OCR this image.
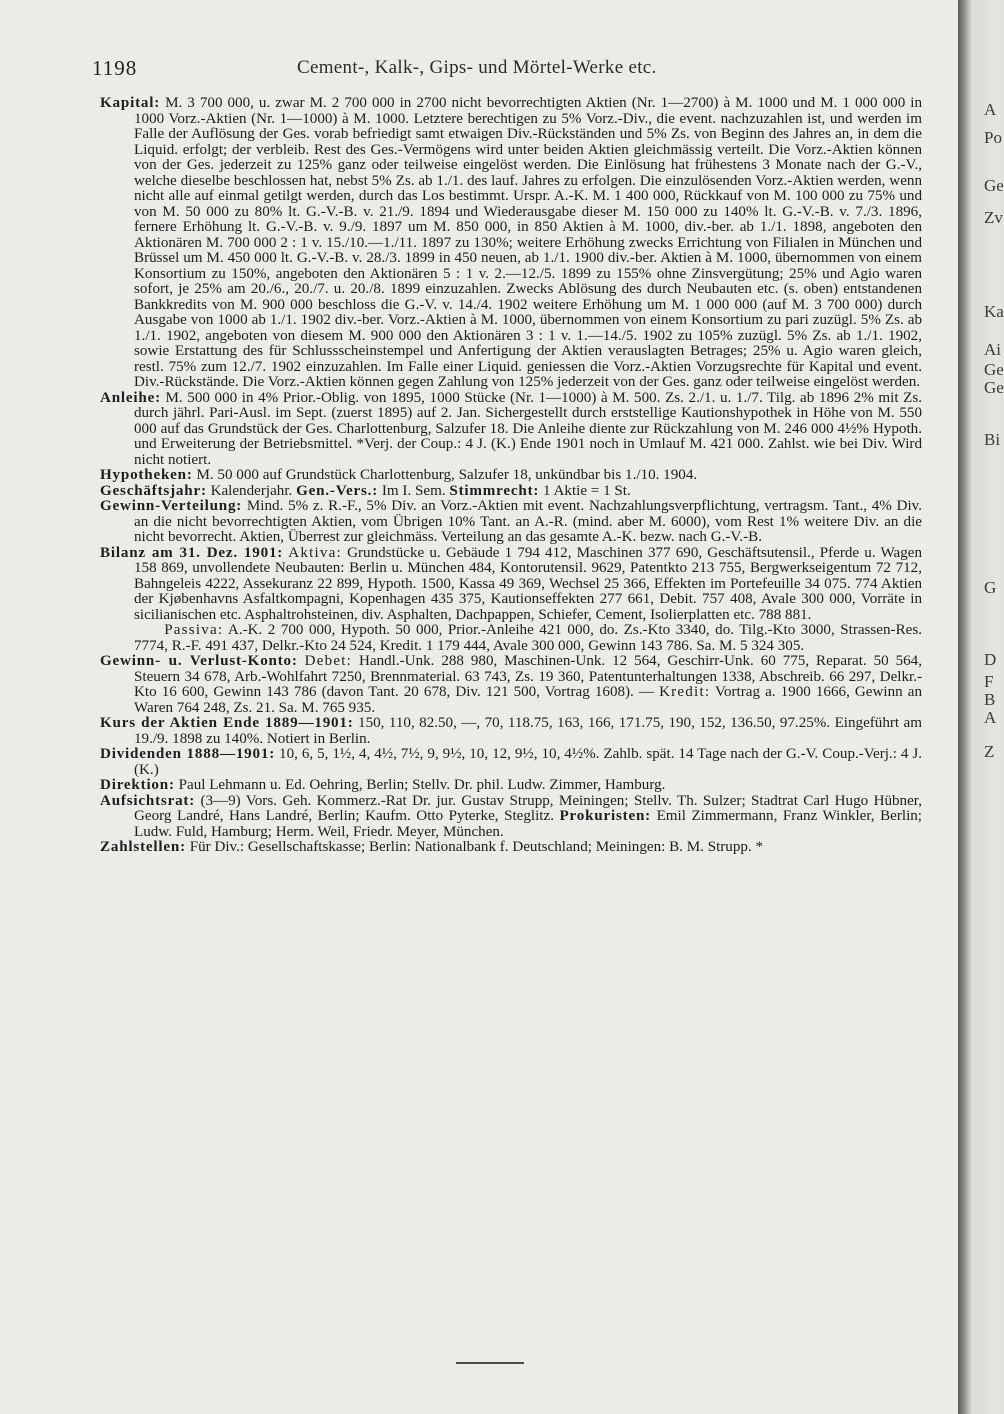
1198	Cement-, Kalk-, Gips- und Mörtel-Werke etc.

Kapital: M. 3 700 000, u. zwar M. 2 700 000 in 2700 nicht bevorrechtigten Aktien (Nr. 1—2700) à M. 1000 und M. 1 000 000 in 1000 Vorz.-Aktien (Nr. 1—1000) à M. 1000. Letztere berechtigen zu 5% Vorz.-Div., die event. nachzuzahlen ist, und werden im Falle der Auflösung der Ges. vorab befriedigt samt etwaigen Div.-Rückständen und 5% Zs. von Beginn des Jahres an, in dem die Liquid. erfolgt; der verbleib. Rest des Ges.-Vermögens wird unter beiden Aktien gleichmässig verteilt. Die Vorz.-Aktien können von der Ges. jederzeit zu 125% ganz oder teilweise eingelöst werden. Die Einlösung hat frühestens 3 Monate nach der G.-V., welche dieselbe beschlossen hat, nebst 5% Zs. ab 1./1. des lauf. Jahres zu erfolgen. Die einzulösenden Vorz.-Aktien werden, wenn nicht alle auf einmal getilgt werden, durch das Los bestimmt. Urspr. A.-K. M. 1 400 000, Rückkauf von M. 100 000 zu 75% und von M. 50 000 zu 80% lt. G.-V.-B. v. 21./9. 1894 und Wiederausgabe dieser M. 150 000 zu 140% lt. G.-V.-B. v. 7./3. 1896, fernere Erhöhung lt. G.-V.-B. v. 9./9. 1897 um M. 850 000, in 850 Aktien à M. 1000, div.-ber. ab 1./1. 1898, angeboten den Aktionären M. 700 000 2 : 1 v. 15./10.—1./11. 1897 zu 130%; weitere Erhöhung zwecks Errichtung von Filialen in München und Brüssel um M. 450 000 lt. G.-V.-B. v. 28./3. 1899 in 450 neuen, ab 1./1. 1900 div.-ber. Aktien à M. 1000, übernommen von einem Konsortium zu 150%, angeboten den Aktionären 5 : 1 v. 2.—12./5. 1899 zu 155% ohne Zinsvergütung; 25% und Agio waren sofort, je 25% am 20./6., 20./7. u. 20./8. 1899 einzuzahlen. Zwecks Ablösung des durch Neubauten etc. (s. oben) entstandenen Bankkredits von M. 900 000 beschloss die G.-V. v. 14./4. 1902 weitere Erhöhung um M. 1 000 000 (auf M. 3 700 000) durch Ausgabe von 1000 ab 1./1. 1902 div.-ber. Vorz.-Aktien à M. 1000, übernommen von einem Konsortium zu pari zuzügl. 5% Zs. ab 1./1. 1902, angeboten von diesem M. 900 000 den Aktionären 3 : 1 v. 1.—14./5. 1902 zu 105% zuzügl. 5% Zs. ab 1./1. 1902, sowie Erstattung des für Schlussscheinstempel und Anfertigung der Aktien verauslagten Betrages; 25% u. Agio waren gleich, restl. 75% zum 12./7. 1902 einzuzahlen. Im Falle einer Liquid. geniessen die Vorz.-Aktien Vorzugsrechte für Kapital und event. Div.-Rückstände. Die Vorz.-Aktien können gegen Zahlung von 125% jederzeit von der Ges. ganz oder teilweise eingelöst werden.

Anleihe: M. 500 000 in 4% Prior.-Oblig. von 1895, 1000 Stücke (Nr. 1—1000) à M. 500. Zs. 2./1. u. 1./7. Tilg. ab 1896 2% mit Zs. durch jährl. Pari-Ausl. im Sept. (zuerst 1895) auf 2. Jan. Sichergestellt durch erststellige Kautionshypothek in Höhe von M. 550 000 auf das Grundstück der Ges. Charlottenburg, Salzufer 18. Die Anleihe diente zur Rückzahlung von M. 246 000 4½% Hypoth. und Erweiterung der Betriebsmittel. *Verj. der Coup.: 4 J. (K.) Ende 1901 noch in Umlauf M. 421 000. Zahlst. wie bei Div. Wird nicht notiert.

Hypotheken: M. 50 000 auf Grundstück Charlottenburg, Salzufer 18, unkündbar bis 1./10. 1904.

Geschäftsjahr: Kalenderjahr. Gen.-Vers.: Im I. Sem. Stimmrecht: 1 Aktie = 1 St.

Gewinn-Verteilung: Mind. 5% z. R.-F., 5% Div. an Vorz.-Aktien mit event. Nachzahlungsverpflichtung, vertragsm. Tant., 4% Div. an die nicht bevorrechtigten Aktien, vom Übrigen 10% Tant. an A.-R. (mind. aber M. 6000), vom Rest 1% weitere Div. an die nicht bevorrecht. Aktien, Überrest zur gleichmäss. Verteilung an das gesamte A.-K. bezw. nach G.-V.-B.

Bilanz am 31. Dez. 1901: Aktiva: Grundstücke u. Gebäude 1 794 412, Maschinen 377 690, Geschäftsutensil., Pferde u. Wagen 158 869, unvollendete Neubauten: Berlin u. München 484, Kontorutensil. 9629, Patentkto 213 755, Bergwerkseigentum 72 712, Bahngeleis 4222, Assekuranz 22 899, Hypoth. 1500, Kassa 49 369, Wechsel 25 366, Effekten im Portefeuille 34 075. 774 Aktien der Kjøbenhavns Asfaltkompagni, Kopenhagen 435 375, Kautionseffekten 277 661, Debit. 757 408, Avale 300 000, Vorräte in sicilianischen etc. Asphaltrohsteinen, div. Asphalten, Dachpappen, Schiefer, Cement, Isolierplatten etc. 788 881.

  Passiva: A.-K. 2 700 000, Hypoth. 50 000, Prior.-Anleihe 421 000, do. Zs.-Kto 3340, do. Tilg.-Kto 3000, Strassen-Res. 7774, R.-F. 491 437, Delkr.-Kto 24 524, Kredit. 1 179 444, Avale 300 000, Gewinn 143 786. Sa. M. 5 324 305.

Gewinn- u. Verlust-Konto: Debet: Handl.-Unk. 288 980, Maschinen-Unk. 12 564, Geschirr-Unk. 60 775, Reparat. 50 564, Steuern 34 678, Arb.-Wohlfahrt 7250, Brennmaterial. 63 743, Zs. 19 360, Patentunterhaltungen 1338, Abschreib. 66 297, Delkr.-Kto 16 600, Gewinn 143 786 (davon Tant. 20 678, Div. 121 500, Vortrag 1608). — Kredit: Vortrag a. 1900 1666, Gewinn an Waren 764 248, Zs. 21. Sa. M. 765 935.

Kurs der Aktien Ende 1889—1901: 150, 110, 82.50, —, 70, 118.75, 163, 166, 171.75, 190, 152, 136.50, 97.25%. Eingeführt am 19./9. 1898 zu 140%. Notiert in Berlin.

Dividenden 1888—1901: 10, 6, 5, 1½, 4, 4½, 7½, 9, 9½, 10, 12, 9½, 10, 4½%. Zahlb. spät. 14 Tage nach der G.-V. Coup.-Verj.: 4 J. (K.)

Direktion: Paul Lehmann u. Ed. Oehring, Berlin; Stellv. Dr. phil. Ludw. Zimmer, Hamburg.

Aufsichtsrat: (3—9) Vors. Geh. Kommerz.-Rat Dr. jur. Gustav Strupp, Meiningen; Stellv. Th. Sulzer; Stadtrat Carl Hugo Hübner, Georg Landré, Hans Landré, Berlin; Kaufm. Otto Pyterke, Steglitz. Prokuristen: Emil Zimmermann, Franz Winkler, Berlin; Ludw. Fuld, Hamburg; Herm. Weil, Friedr. Meyer, München.

Zahlstellen: Für Div.: Gesellschaftskasse; Berlin: Nationalbank f. Deutschland; Meiningen: B. M. Strupp. *

A
Po
Ge
Zv
Ka
Ai
Ge
Ge
Bi
G
D
F
B
A
Z
